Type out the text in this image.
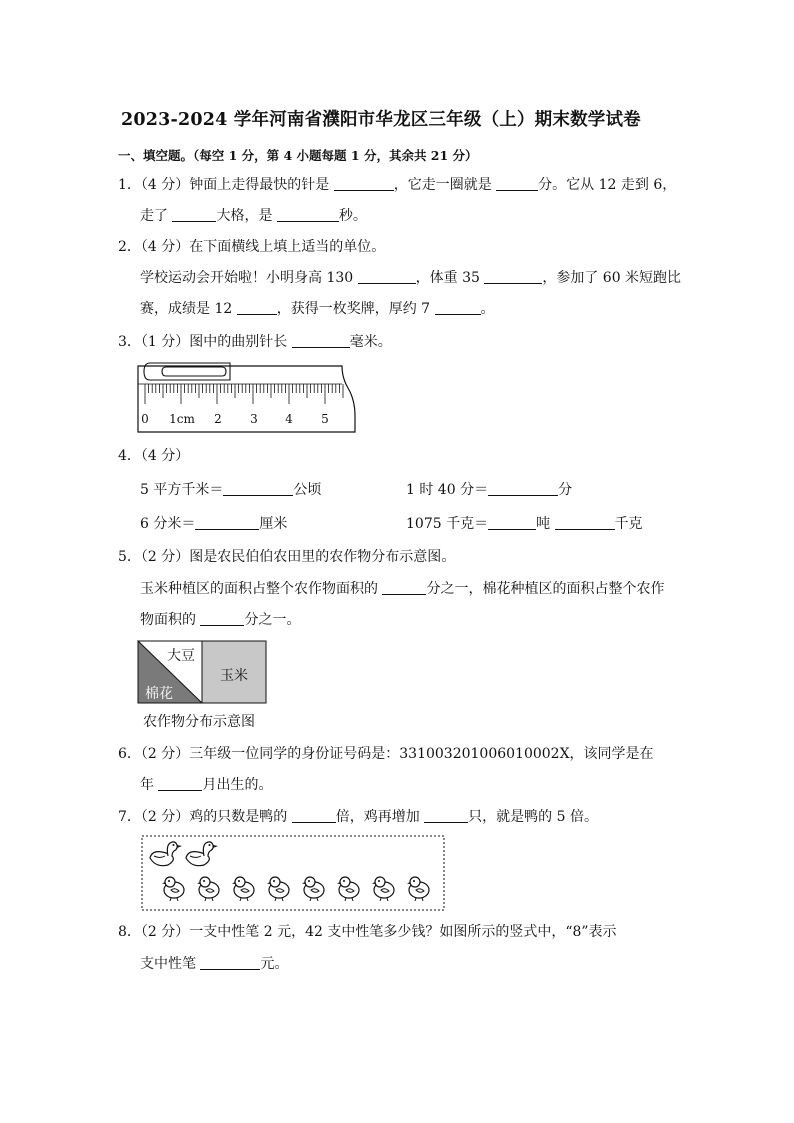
2023-2024 学年河南省濮阳市华龙区三年级（上）期末数学试卷
一、填空题。（每空 1 分，第 4 小题每题 1 分，其余共 21 分）
1．（4 分）钟面上走得最快的针是	，它走一圈就是	分。它从 12 走到 6，
走了	大格，是	秒。
2．（4 分）在下面横线上填上适当的单位。
学校运动会开始啦！小明身高 130	，体重 35	，参加了 60 米短跑比
赛，成绩是 12	，获得一枚奖牌，厚约 7	。
3．（1 分）图中的曲别针长	毫米。
0 1cm 2 3 4 5
4．（4 分）
5 平方千米＝	公顷	1 时 40 分＝	分
6 分米＝	厘米	1075 千克＝	吨	千克
5．（2 分）图是农民伯伯农田里的农作物分布示意图。
玉米种植区的面积占整个农作物面积的	分之一，棉花种植区的面积占整个农作
物面积的	分之一。
大豆
玉米
棉花
农作物分布示意图
6．（2 分）三年级一位同学的身份证号码是：331003201006010002X，该同学是在
年	月出生的。
7．（2 分）鸡的只数是鸭的	倍，鸡再增加	只，就是鸭的 5 倍。
8．（2 分）一支中性笔 2 元，42 支中性笔多少钱？如图所示的竖式中，“8”表示
支中性笔	元。
